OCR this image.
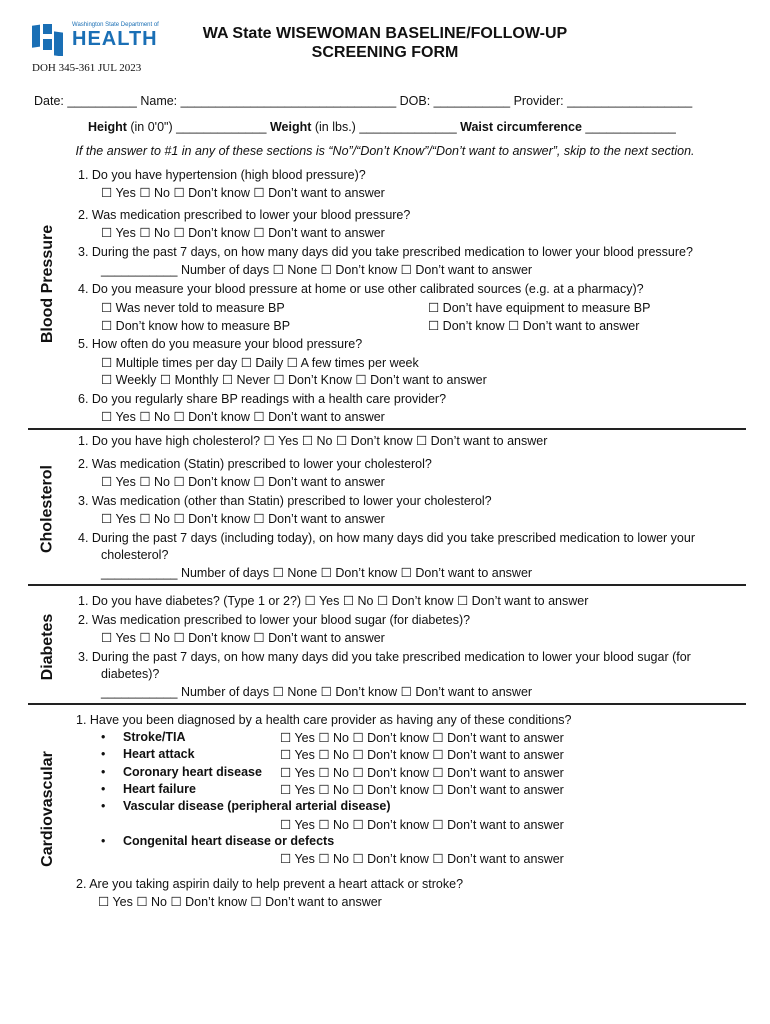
Washington State Department of
HEALTH	WA State WISEWOMAN BASELINE/FOLLOW-UP
SCREENING FORM
DOH 345-361 JUL 2023
Date: __________ Name: _______________________________ DOB: ___________ Provider: __________________
Height (in 0'0") _____________ Weight (in lbs.) ______________ Waist circumference _____________
If the answer to #1 in any of these sections is “No”/“Don’t Know”/“Don’t want to answer”, skip to the next section.
Blood Pressure
1. Do you have hypertension (high blood pressure)?
☐ Yes ☐ No ☐ Don’t know ☐ Don’t want to answer
2. Was medication prescribed to lower your blood pressure?
☐ Yes ☐ No ☐ Don’t know ☐ Don’t want to answer
3. During the past 7 days, on how many days did you take prescribed medication to lower your blood pressure?
___________ Number of days ☐ None ☐ Don’t know ☐ Don’t want to answer
4. Do you measure your blood pressure at home or use other calibrated sources (e.g. at a pharmacy)?
☐ Was never told to measure BP	☐ Don’t have equipment to measure BP
☐ Don’t know how to measure BP	☐ Don’t know ☐ Don’t want to answer
5. How often do you measure your blood pressure?
☐ Multiple times per day ☐ Daily ☐ A few times per week
☐ Weekly ☐ Monthly ☐ Never ☐ Don’t Know ☐ Don’t want to answer
6. Do you regularly share BP readings with a health care provider?
☐ Yes ☐ No ☐ Don’t know ☐ Don’t want to answer
Cholesterol
1. Do you have high cholesterol? ☐ Yes ☐ No ☐ Don’t know ☐ Don’t want to answer
2. Was medication (Statin) prescribed to lower your cholesterol?
☐ Yes ☐ No ☐ Don’t know ☐ Don’t want to answer
3. Was medication (other than Statin) prescribed to lower your cholesterol?
☐ Yes ☐ No ☐ Don’t know ☐ Don’t want to answer
4. During the past 7 days (including today), on how many days did you take prescribed medication to lower your
cholesterol?
___________ Number of days ☐ None ☐ Don’t know ☐ Don’t want to answer
Diabetes
1. Do you have diabetes? (Type 1 or 2?) ☐ Yes ☐ No ☐ Don’t know ☐ Don’t want to answer
2. Was medication prescribed to lower your blood sugar (for diabetes)?
☐ Yes ☐ No ☐ Don’t know ☐ Don’t want to answer
3. During the past 7 days, on how many days did you take prescribed medication to lower your blood sugar (for
diabetes)?
___________ Number of days ☐ None ☐ Don’t know ☐ Don’t want to answer
Cardiovascular
1. Have you been diagnosed by a health care provider as having any of these conditions?
• Stroke/TIA	☐ Yes ☐ No ☐ Don’t know ☐ Don’t want to answer
• Heart attack	☐ Yes ☐ No ☐ Don’t know ☐ Don’t want to answer
• Coronary heart disease ☐ Yes ☐ No ☐ Don’t know ☐ Don’t want to answer
• Heart failure	☐ Yes ☐ No ☐ Don’t know ☐ Don’t want to answer
• Vascular disease (peripheral arterial disease)
☐ Yes ☐ No ☐ Don’t know ☐ Don’t want to answer
• Congenital heart disease or defects
☐ Yes ☐ No ☐ Don’t know ☐ Don’t want to answer
2. Are you taking aspirin daily to help prevent a heart attack or stroke?
☐ Yes ☐ No ☐ Don’t know ☐ Don’t want to answer
